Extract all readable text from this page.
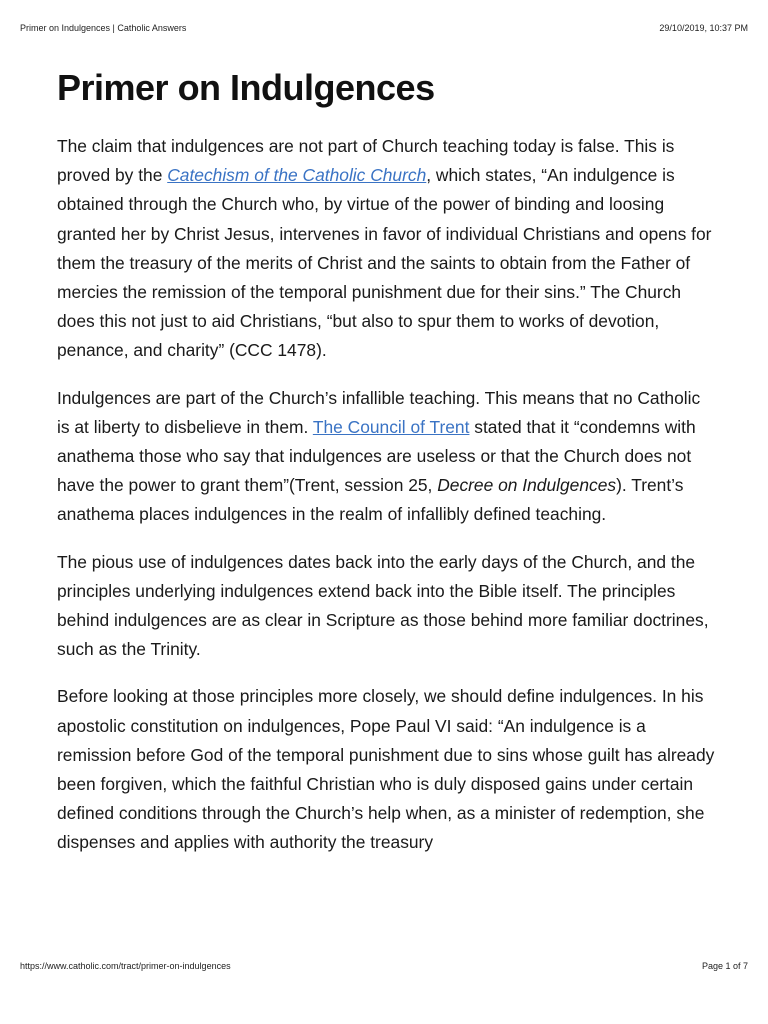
Primer on Indulgences | Catholic Answers	29/10/2019, 10:37 PM
Primer on Indulgences

The claim that indulgences are not part of Church teaching today is false. This is proved by the Catechism of the Catholic Church, which states, “An indulgence is obtained through the Church who, by virtue of the power of binding and loosing granted her by Christ Jesus, intervenes in favor of individual Christians and opens for them the treasury of the merits of Christ and the saints to obtain from the Father of mercies the remission of the temporal punishment due for their sins.” The Church does this not just to aid Christians, “but also to spur them to works of devotion, penance, and charity” (CCC 1478).

Indulgences are part of the Church’s infallible teaching. This means that no Catholic is at liberty to disbelieve in them. The Council of Trent stated that it “condemns with anathema those who say that indulgences are useless or that the Church does not have the power to grant them”(Trent, session 25, Decree on Indulgences). Trent’s anathema places indulgences in the realm of infallibly defined teaching.

The pious use of indulgences dates back into the early days of the Church, and the principles underlying indulgences extend back into the Bible itself. The principles behind indulgences are as clear in Scripture as those behind more familiar doctrines, such as the Trinity.

Before looking at those principles more closely, we should define indulgences. In his apostolic constitution on indulgences, Pope Paul VI said: “An indulgence is a remission before God of the temporal punishment due to sins whose guilt has already been forgiven, which the faithful Christian who is duly disposed gains under certain defined conditions through the Church’s help when, as a minister of redemption, she dispenses and applies with authority the treasury

https://www.catholic.com/tract/primer-on-indulgences	Page 1 of 7
